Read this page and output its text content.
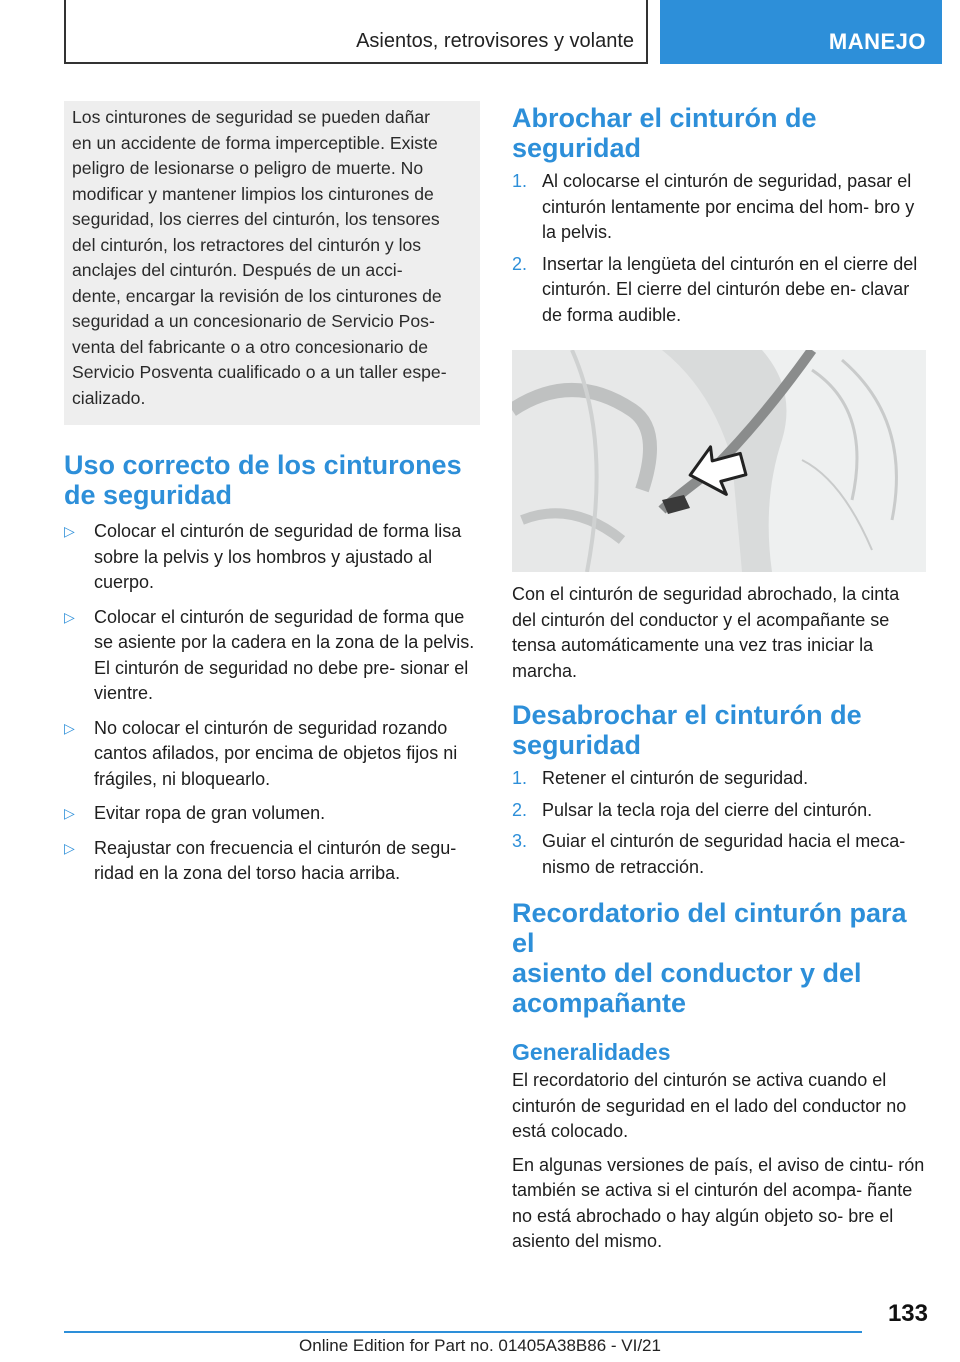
Asientos, retrovisores y volante	MANEJO
Los cinturones de seguridad se pueden dañar
en un accidente de forma imperceptible. Existe
peligro de lesionarse o peligro de muerte. No
modificar y mantener limpios los cinturones de
seguridad, los cierres del cinturón, los tensores
del cinturón, los retractores del cinturón y los
anclajes del cinturón. Después de un acci-
dente, encargar la revisión de los cinturones de
seguridad a un concesionario de Servicio Pos-
venta del fabricante o a otro concesionario de
Servicio Posventa cualificado o a un taller espe-
cializado.
Uso correcto de los cinturones
de seguridad
▷	Colocar el cinturón de seguridad de forma lisa sobre la pelvis y los hombros y ajustado al cuerpo.
▷	Colocar el cinturón de seguridad de forma que se asiente por la cadera en la zona de la pelvis. El cinturón de seguridad no debe pre- sionar el vientre.
▷	No colocar el cinturón de seguridad rozando cantos afilados, por encima de objetos fijos ni frágiles, ni bloquearlo.
▷	Evitar ropa de gran volumen.
▷	Reajustar con frecuencia el cinturón de segu- ridad en la zona del torso hacia arriba.
Abrochar el cinturón de
seguridad
1. Al colocarse el cinturón de seguridad, pasar el cinturón lentamente por encima del hom- bro y la pelvis.
2. Insertar la lengüeta del cinturón en el cierre del cinturón. El cierre del cinturón debe en- clavar de forma audible.

Con el cinturón de seguridad abrochado, la cinta del cinturón del conductor y el acompañante se tensa automáticamente una vez tras iniciar la marcha.

Desabrochar el cinturón de
seguridad
1. Retener el cinturón de seguridad.
2. Pulsar la tecla roja del cierre del cinturón.
3. Guiar el cinturón de seguridad hacia el meca- nismo de retracción.
Recordatorio del cinturón para el
asiento del conductor y del
acompañante
Generalidades

El recordatorio del cinturón se activa cuando el cinturón de seguridad en el lado del conductor no está colocado.

En algunas versiones de país, el aviso de cintu- rón también se activa si el cinturón del acompa- ñante no está abrochado o hay algún objeto so- bre el asiento del mismo.

133
Online Edition for Part no. 01405A38B86 - VI/21
